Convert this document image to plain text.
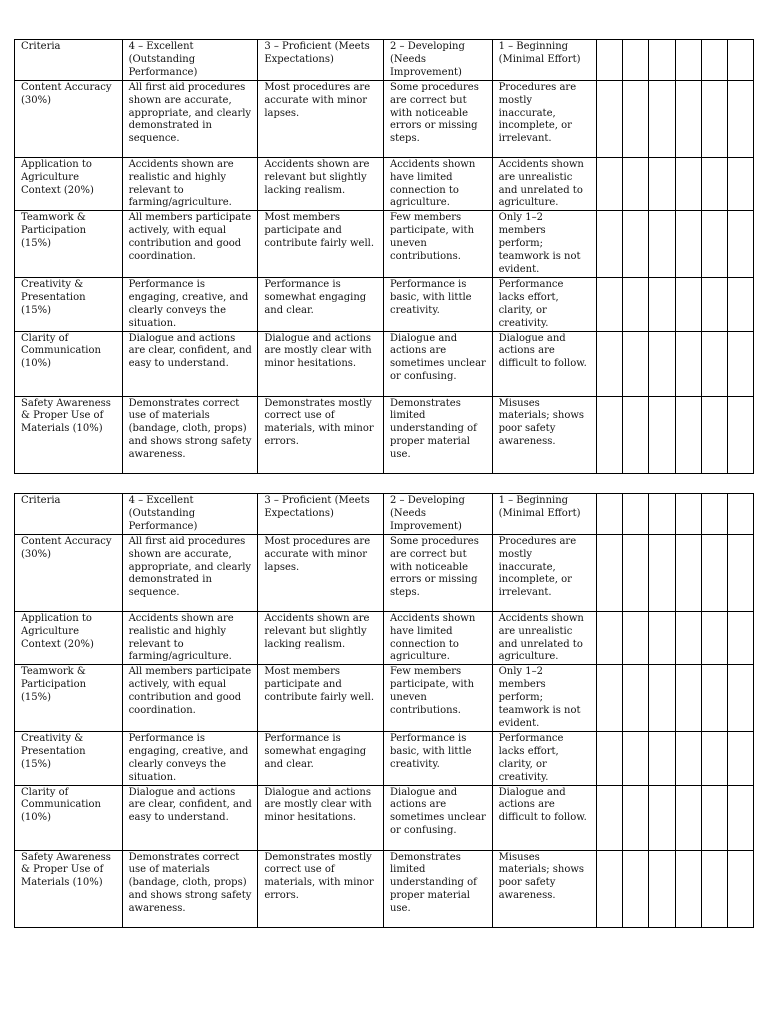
Criteria	4 – Excellent (Outstanding Performance)	3 – Proficient (Meets Expectations)	2 – Developing (Needs Improvement)	1 – Beginning (Minimal Effort)						
Content Accuracy (30%)	All first aid procedures shown are accurate, appropriate, and clearly demonstrated in sequence.	Most procedures are accurate with minor lapses.	Some procedures are correct but with noticeable errors or missing steps.	Procedures are mostly inaccurate, incomplete, or irrelevant.						
Application to Agriculture Context (20%)	Accidents shown are realistic and highly relevant to farming/agriculture.	Accidents shown are relevant but slightly lacking realism.	Accidents shown have limited connection to agriculture.	Accidents shown are unrealistic and unrelated to agriculture.						
Teamwork & Participation (15%)	All members participate actively, with equal contribution and good coordination.	Most members participate and contribute fairly well.	Few members participate, with uneven contributions.	Only 1–2 members perform; teamwork is not evident.						
Creativity & Presentation (15%)	Performance is engaging, creative, and clearly conveys the situation.	Performance is somewhat engaging and clear.	Performance is basic, with little creativity.	Performance lacks effort, clarity, or creativity.						
Clarity of Communication (10%)	Dialogue and actions are clear, confident, and easy to understand.	Dialogue and actions are mostly clear with minor hesitations.	Dialogue and actions are sometimes unclear or confusing.	Dialogue and actions are difficult to follow.						
Safety Awareness & Proper Use of Materials (10%)	Demonstrates correct use of materials (bandage, cloth, props) and shows strong safety awareness.	Demonstrates mostly correct use of materials, with minor errors.	Demonstrates limited understanding of proper material use.	Misuses materials; shows poor safety awareness.						
Criteria	4 – Excellent (Outstanding Performance)	3 – Proficient (Meets Expectations)	2 – Developing (Needs Improvement)	1 – Beginning (Minimal Effort)						
Content Accuracy (30%)	All first aid procedures shown are accurate, appropriate, and clearly demonstrated in sequence.	Most procedures are accurate with minor lapses.	Some procedures are correct but with noticeable errors or missing steps.	Procedures are mostly inaccurate, incomplete, or irrelevant.						
Application to Agriculture Context (20%)	Accidents shown are realistic and highly relevant to farming/agriculture.	Accidents shown are relevant but slightly lacking realism.	Accidents shown have limited connection to agriculture.	Accidents shown are unrealistic and unrelated to agriculture.						
Teamwork & Participation (15%)	All members participate actively, with equal contribution and good coordination.	Most members participate and contribute fairly well.	Few members participate, with uneven contributions.	Only 1–2 members perform; teamwork is not evident.						
Creativity & Presentation (15%)	Performance is engaging, creative, and clearly conveys the situation.	Performance is somewhat engaging and clear.	Performance is basic, with little creativity.	Performance lacks effort, clarity, or creativity.						
Clarity of Communication (10%)	Dialogue and actions are clear, confident, and easy to understand.	Dialogue and actions are mostly clear with minor hesitations.	Dialogue and actions are sometimes unclear or confusing.	Dialogue and actions are difficult to follow.						
Safety Awareness & Proper Use of Materials (10%)	Demonstrates correct use of materials (bandage, cloth, props) and shows strong safety awareness.	Demonstrates mostly correct use of materials, with minor errors.	Demonstrates limited understanding of proper material use.	Misuses materials; shows poor safety awareness.						
